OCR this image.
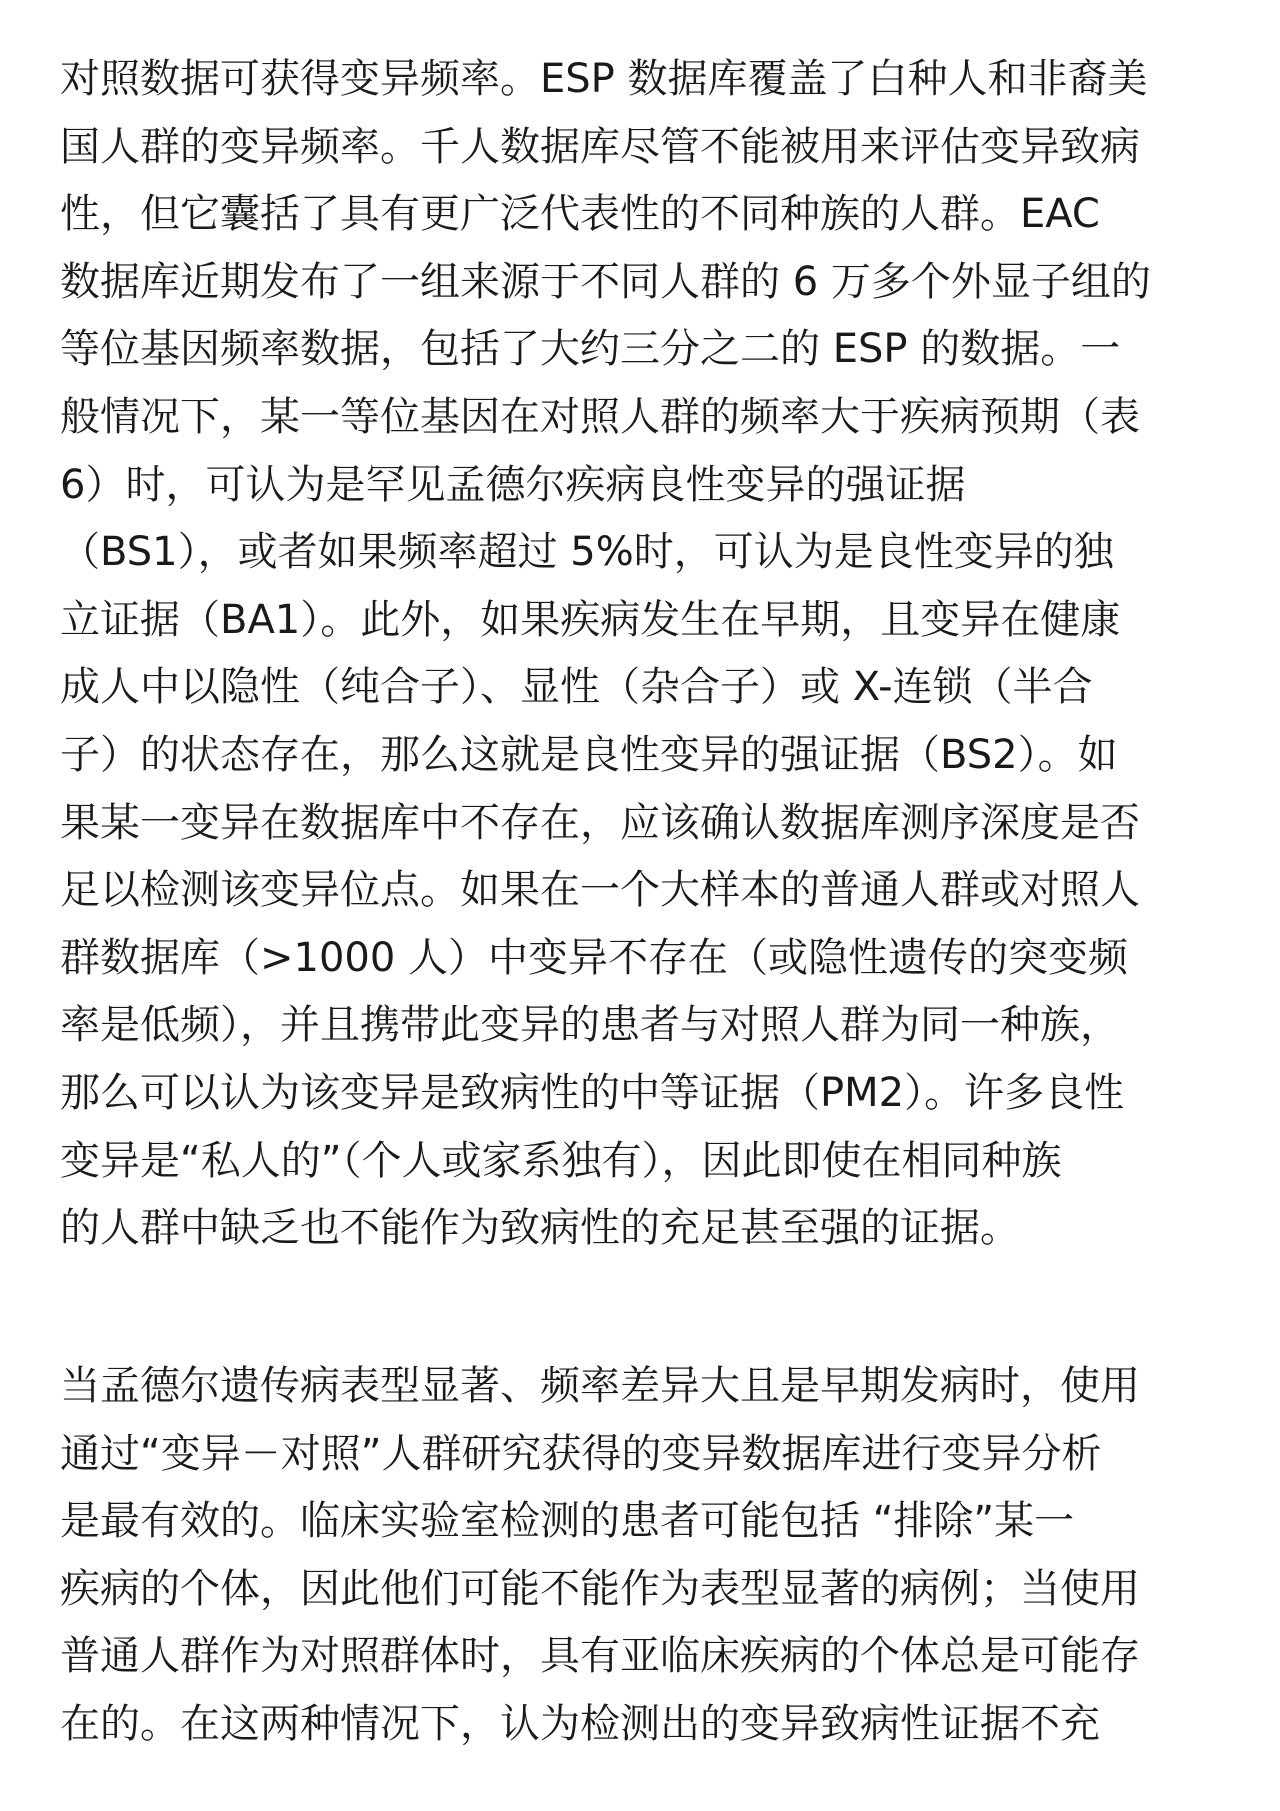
对照数据可获得变异频率。ESP 数据库覆盖了白种人和非裔美
国人群的变异频率。千人数据库尽管不能被用来评估变异致病
性，但它囊括了具有更广泛代表性的不同种族的人群。EAC
数据库近期发布了一组来源于不同人群的 6 万多个外显子组的
等位基因频率数据，包括了大约三分之二的 ESP 的数据。一
般情况下，某一等位基因在对照人群的频率大于疾病预期（表
6）时，可认为是罕见孟德尔疾病良性变异的强证据
（BS1），或者如果频率超过 5%时，可认为是良性变异的独
立证据（BA1）。此外，如果疾病发生在早期，且变异在健康
成人中以隐性（纯合子）、显性（杂合子）或 X-连锁（半合
子）的状态存在，那么这就是良性变异的强证据（BS2）。如
果某一变异在数据库中不存在，应该确认数据库测序深度是否
足以检测该变异位点。如果在一个大样本的普通人群或对照人
群数据库（>1000 人）中变异不存在（或隐性遗传的突变频
率是低频），并且携带此变异的患者与对照人群为同一种族，
那么可以认为该变异是致病性的中等证据（PM2）。许多良性
变异是“私人的”（个人或家系独有），因此即使在相同种族
的人群中缺乏也不能作为致病性的充足甚至强的证据。
当孟德尔遗传病表型显著、频率差异大且是早期发病时，使用
通过“变异－对照”人群研究获得的变异数据库进行变异分析
是最有效的。临床实验室检测的患者可能包括 “排除”某一
疾病的个体，因此他们可能不能作为表型显著的病例；当使用
普通人群作为对照群体时，具有亚临床疾病的个体总是可能存
在的。在这两种情况下，认为检测出的变异致病性证据不充
